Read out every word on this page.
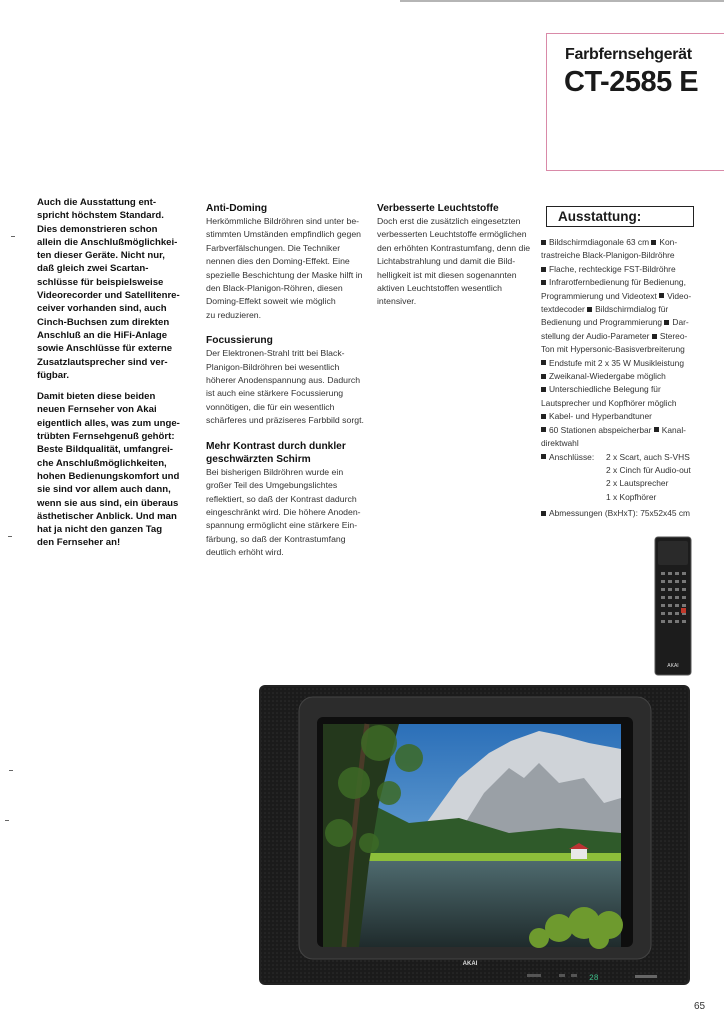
Farbfernsehgerät
CT-2585 E

Auch die Ausstattung ent-
spricht höchstem Standard.
Dies demonstrieren schon
allein die Anschlußmöglichkei-
ten dieser Geräte. Nicht nur,
daß gleich zwei Scartan-
schlüsse für beispielsweise
Videorecorder und Satellitenre-
ceiver vorhanden sind, auch
Cinch-Buchsen zum direkten
Anschluß an die HiFi-Anlage
sowie Anschlüsse für externe
Zusatzlautsprecher sind ver-
fügbar.

Damit bieten diese beiden
neuen Fernseher von Akai
eigentlich alles, was zum unge-
trübten Fernsehgenuß gehört:
Beste Bildqualität, umfangrei-
che Anschlußmöglichkeiten,
hohen Bedienungskomfort und
sie sind vor allem auch dann,
wenn sie aus sind, ein überaus
ästhetischer Anblick. Und man
hat ja nicht den ganzen Tag
den Fernseher an!

Anti-Doming
Herkömmliche Bildröhren sind unter be-
stimmten Umständen empfindlich gegen
Farbverfälschungen. Die Techniker
nennen dies den Doming-Effekt. Eine
spezielle Beschichtung der Maske hilft in
den Black-Planigon-Röhren, diesen
Doming-Effekt soweit wie möglich
zu reduzieren.
Focussierung
Der Elektronen-Strahl tritt bei Black-
Planigon-Bildröhren bei wesentlich
höherer Anodenspannung aus. Dadurch
ist auch eine stärkere Focussierung
vonnötigen, die für ein wesentlich
schärferes und präziseres Farbbild sorgt.
Mehr Kontrast durch dunkler
geschwärzten Schirm
Bei bisherigen Bildröhren wurde ein
großer Teil des Umgebungslichtes
reflektiert, so daß der Kontrast dadurch
eingeschränkt wird. Die höhere Anoden-
spannung ermöglicht eine stärkere Ein-
färbung, so daß der Kontrastumfang
deutlich erhöht wird.
Verbesserte Leuchtstoffe
Doch erst die zusätzlich eingesetzten
verbesserten Leuchtstoffe ermöglichen
den erhöhten Kontrastumfang, denn die
Lichtabstrahlung und damit die Bild-
helligkeit ist mit diesen sogenannten
aktiven Leuchtstoffen wesentlich
intensiver.
Ausstattung:
Bildschirmdiagonale 63 cm Kon-
trastreiche Black-Planigon-Bildröhre
Flache, rechteckige FST-Bildröhre
Infrarotfernbedienung für Bedienung,
Programmierung und Videotext Video-
textdecoder Bildschirmdialog für
Bedienung und Programmierung Dar-
stellung der Audio-Parameter Stereo-
Ton mit Hypersonic-Basisverbreiterung
Endstufe mit 2 x 35 W Musikleistung
Zweikanal-Wiedergabe möglich
Unterschiedliche Belegung für
Lautsprecher und Kopfhörer möglich
Kabel- und Hyperbandtuner
60 Stationen abspeicherbar Kanal-
direktwahl
Anschlüsse: 2 x Scart, auch S-VHS
2 x Cinch für Audio-out
2 x Lautsprecher
1 x Kopfhörer
Abmessungen (BxHxT): 75x52x45 cm
AKAI
AKAI
28
65
